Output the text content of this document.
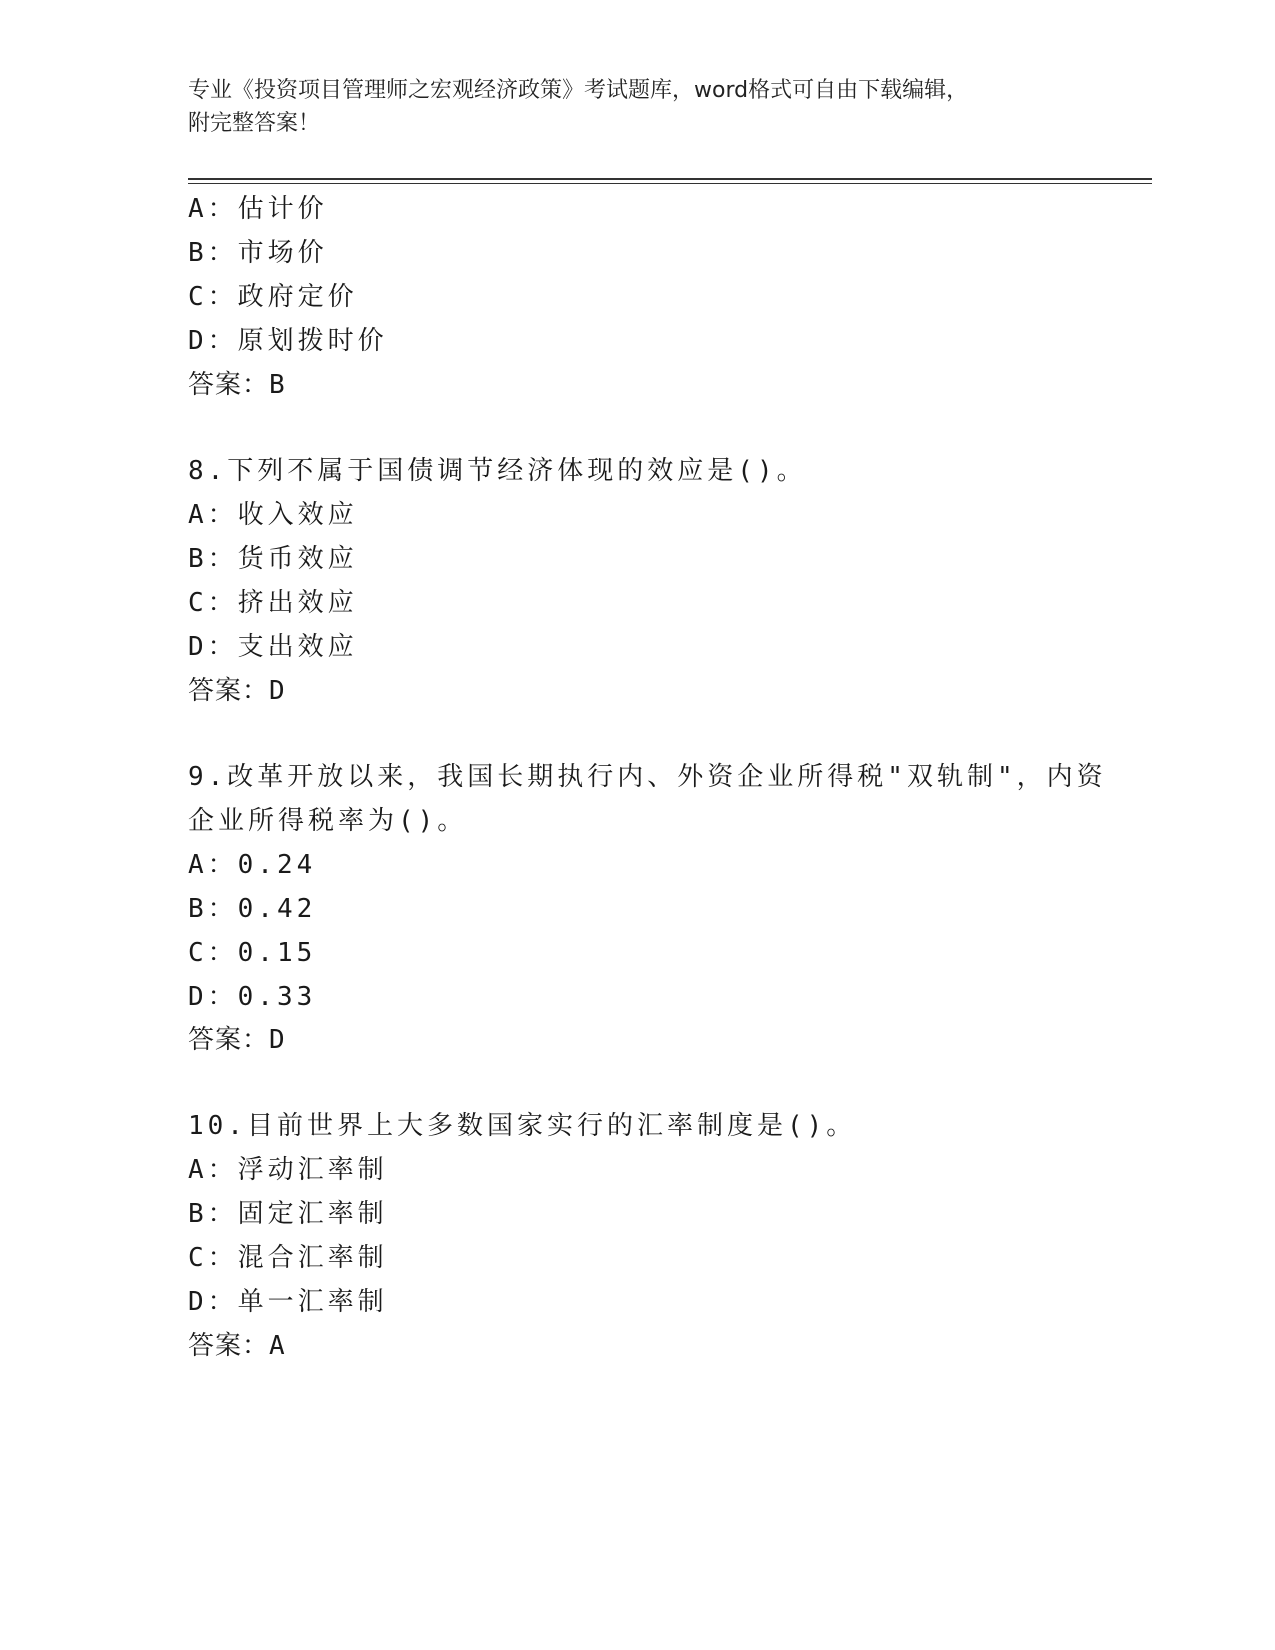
专业《投资项目管理师之宏观经济政策》考试题库，word格式可自由下载编辑，
附完整答案！
A：估计价
B：市场价
C：政府定价
D：原划拨时价
答案：B
8.下列不属于国债调节经济体现的效应是()。
A：收入效应
B：货币效应
C：挤出效应
D：支出效应
答案：D
9.改革开放以来，我国长期执行内、外资企业所得税"双轨制"，内资
企业所得税率为()。
A：0.24
B：0.42
C：0.15
D：0.33
答案：D
10.目前世界上大多数国家实行的汇率制度是()。
A：浮动汇率制
B：固定汇率制
C：混合汇率制
D：单一汇率制
答案：A
